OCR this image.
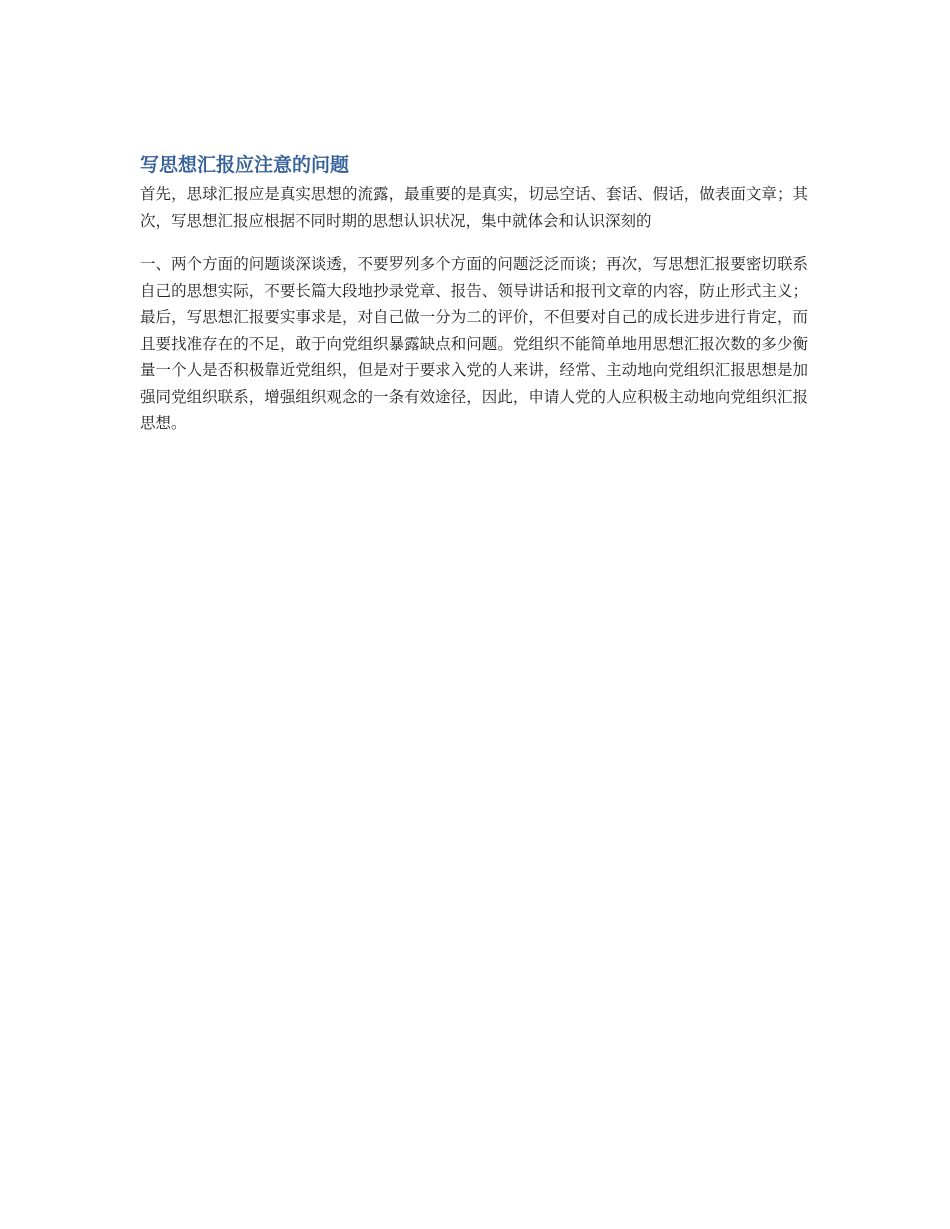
写思想汇报应注意的问题

首先，思球汇报应是真实思想的流露，最重要的是真实，切忌空话、套话、假话，做表面文章；其次，写思想汇报应根据不同时期的思想认识状况，集中就体会和认识深刻的

一、两个方面的问题谈深谈透，不要罗列多个方面的问题泛泛而谈；再次，写思想汇报要密切联系自己的思想实际，不要长篇大段地抄录党章、报告、领导讲话和报刊文章的内容，防止形式主义；最后，写思想汇报要实事求是，对自己做一分为二的评价，不但要对自己的成长进步进行肯定，而且要找准存在的不足，敢于向党组织暴露缺点和问题。党组织不能简单地用思想汇报次数的多少衡量一个人是否积极靠近党组织，但是对于要求入党的人来讲，经常、主动地向党组织汇报思想是加强同党组织联系，增强组织观念的一条有效途径，因此，申请人党的人应积极主动地向党组织汇报思想。
